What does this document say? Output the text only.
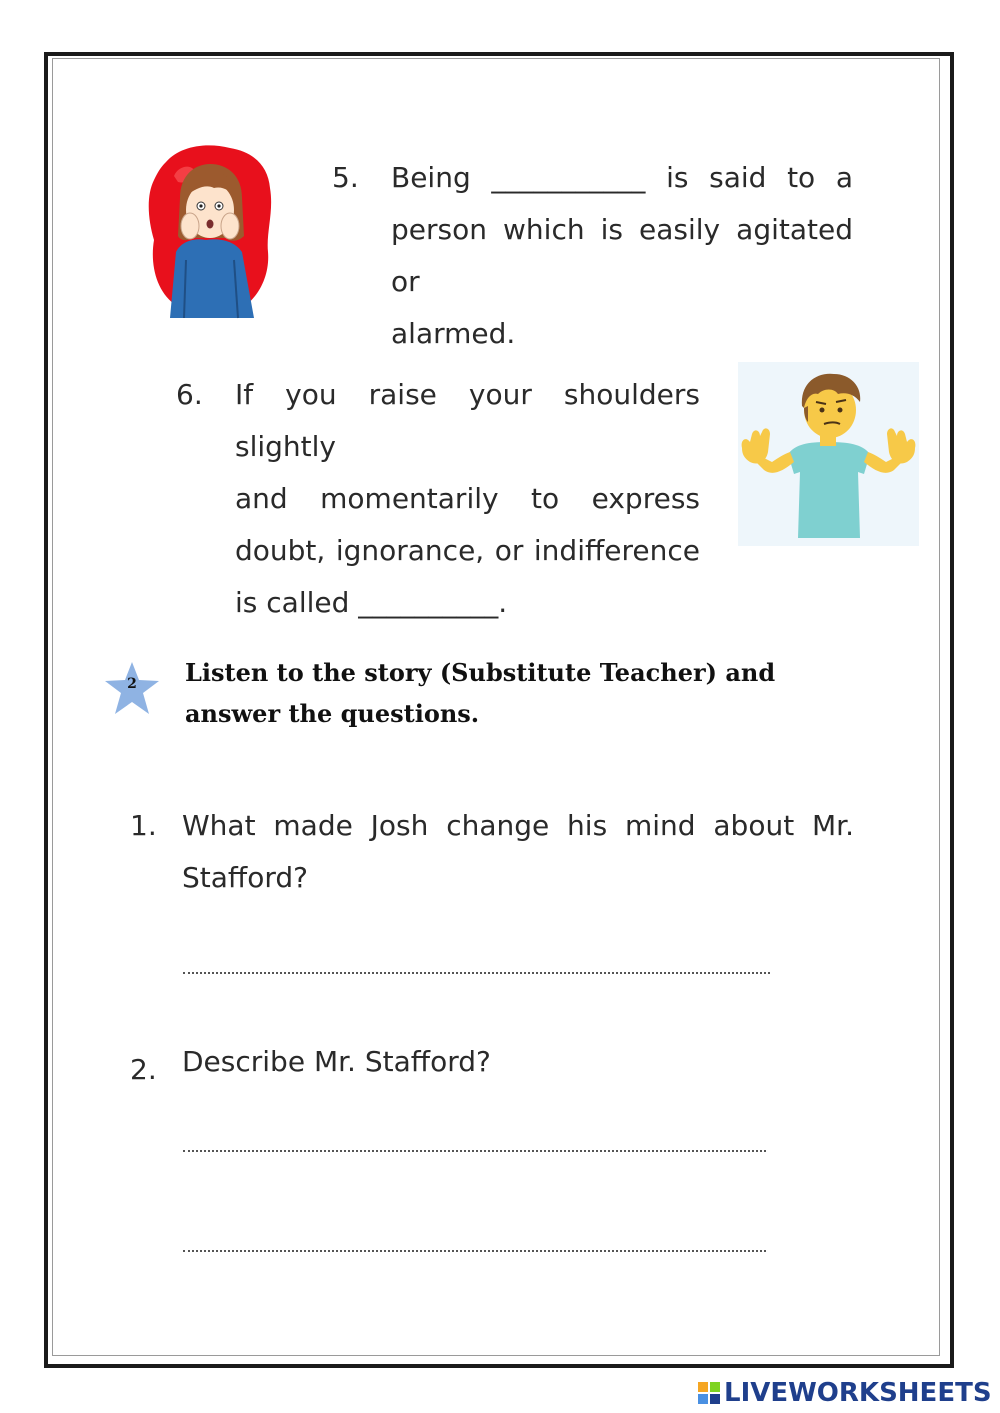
5. Being ___________ is said to a
person which is easily agitated or
alarmed.
6. If you raise your shoulders slightly
and momentarily to express
doubt, ignorance, or indifference
is called __________.
2	Listen to the story (Substitute Teacher) and
answer the questions.
1. What made Josh change his mind about Mr.
Stafford?
2. Describe Mr. Stafford?
LIVEWORKSHEETS
